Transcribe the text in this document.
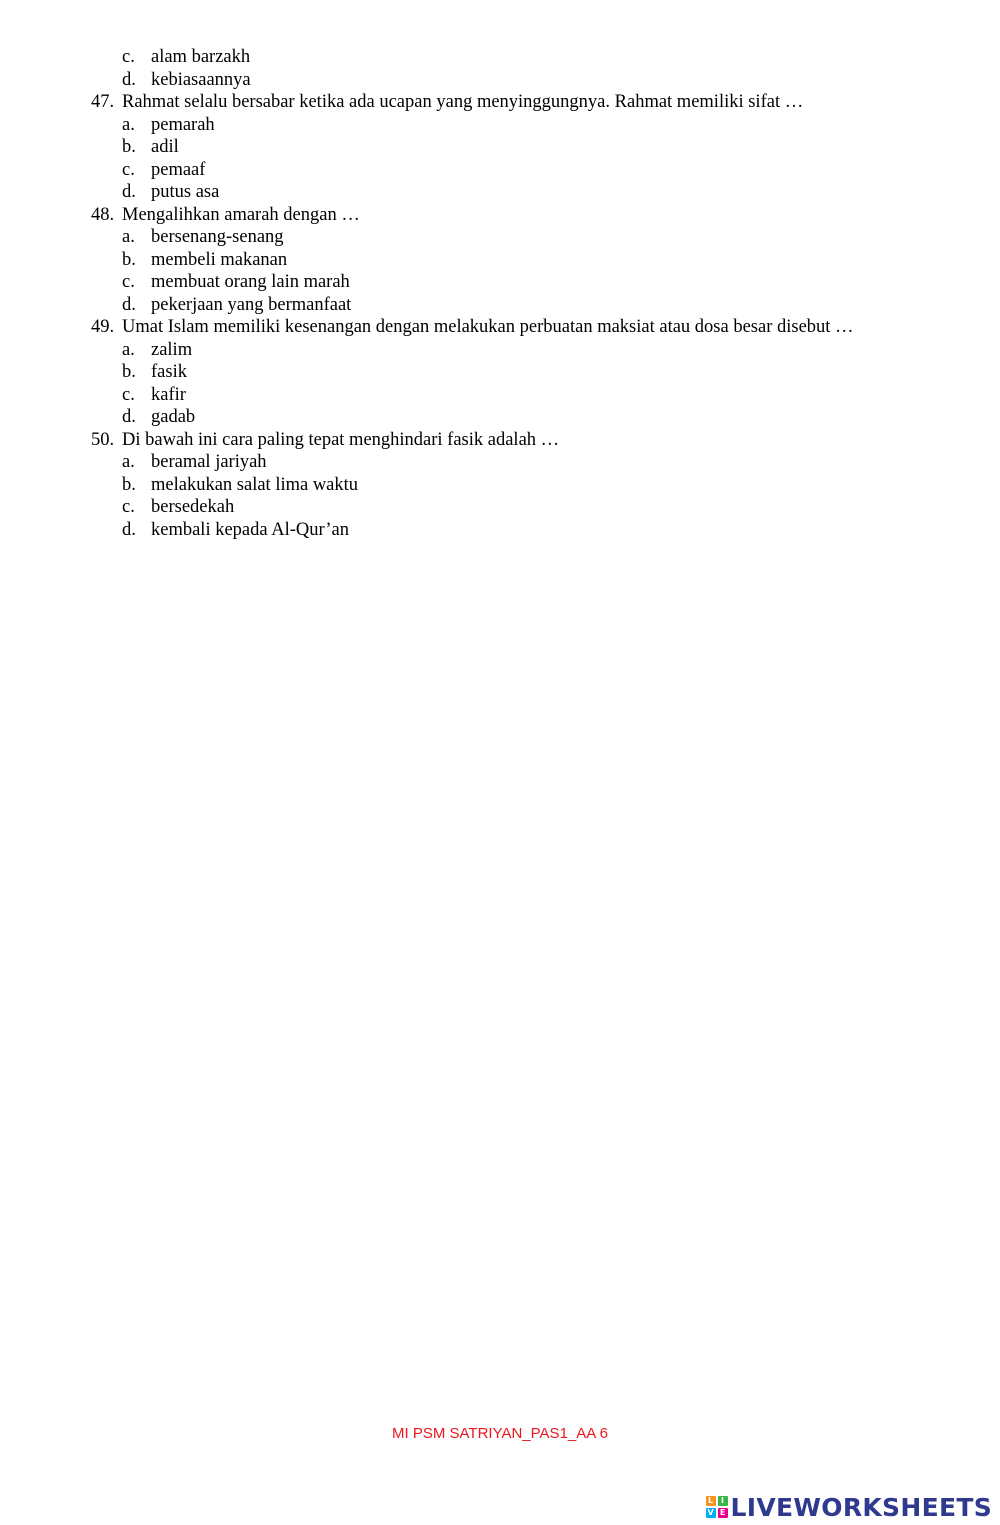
c. alam barzakh
d. kebiasaannya
47. Rahmat selalu bersabar ketika ada ucapan yang menyinggungnya. Rahmat memiliki sifat …
a. pemarah
b. adil
c. pemaaf
d. putus asa
48. Mengalihkan amarah dengan …
a. bersenang-senang
b. membeli makanan
c. membuat orang lain marah
d. pekerjaan yang bermanfaat
49. Umat Islam memiliki kesenangan dengan melakukan perbuatan maksiat atau dosa besar disebut …
a. zalim
b. fasik
c. kafir
d. gadab
50. Di bawah ini cara paling tepat menghindari fasik adalah …
a. beramal jariyah
b. melakukan salat lima waktu
c. bersedekah
d. kembali kepada Al-Qur’an
MI PSM SATRIYAN_PAS1_AA 6
L I
V E LIVEWORKSHEETS
